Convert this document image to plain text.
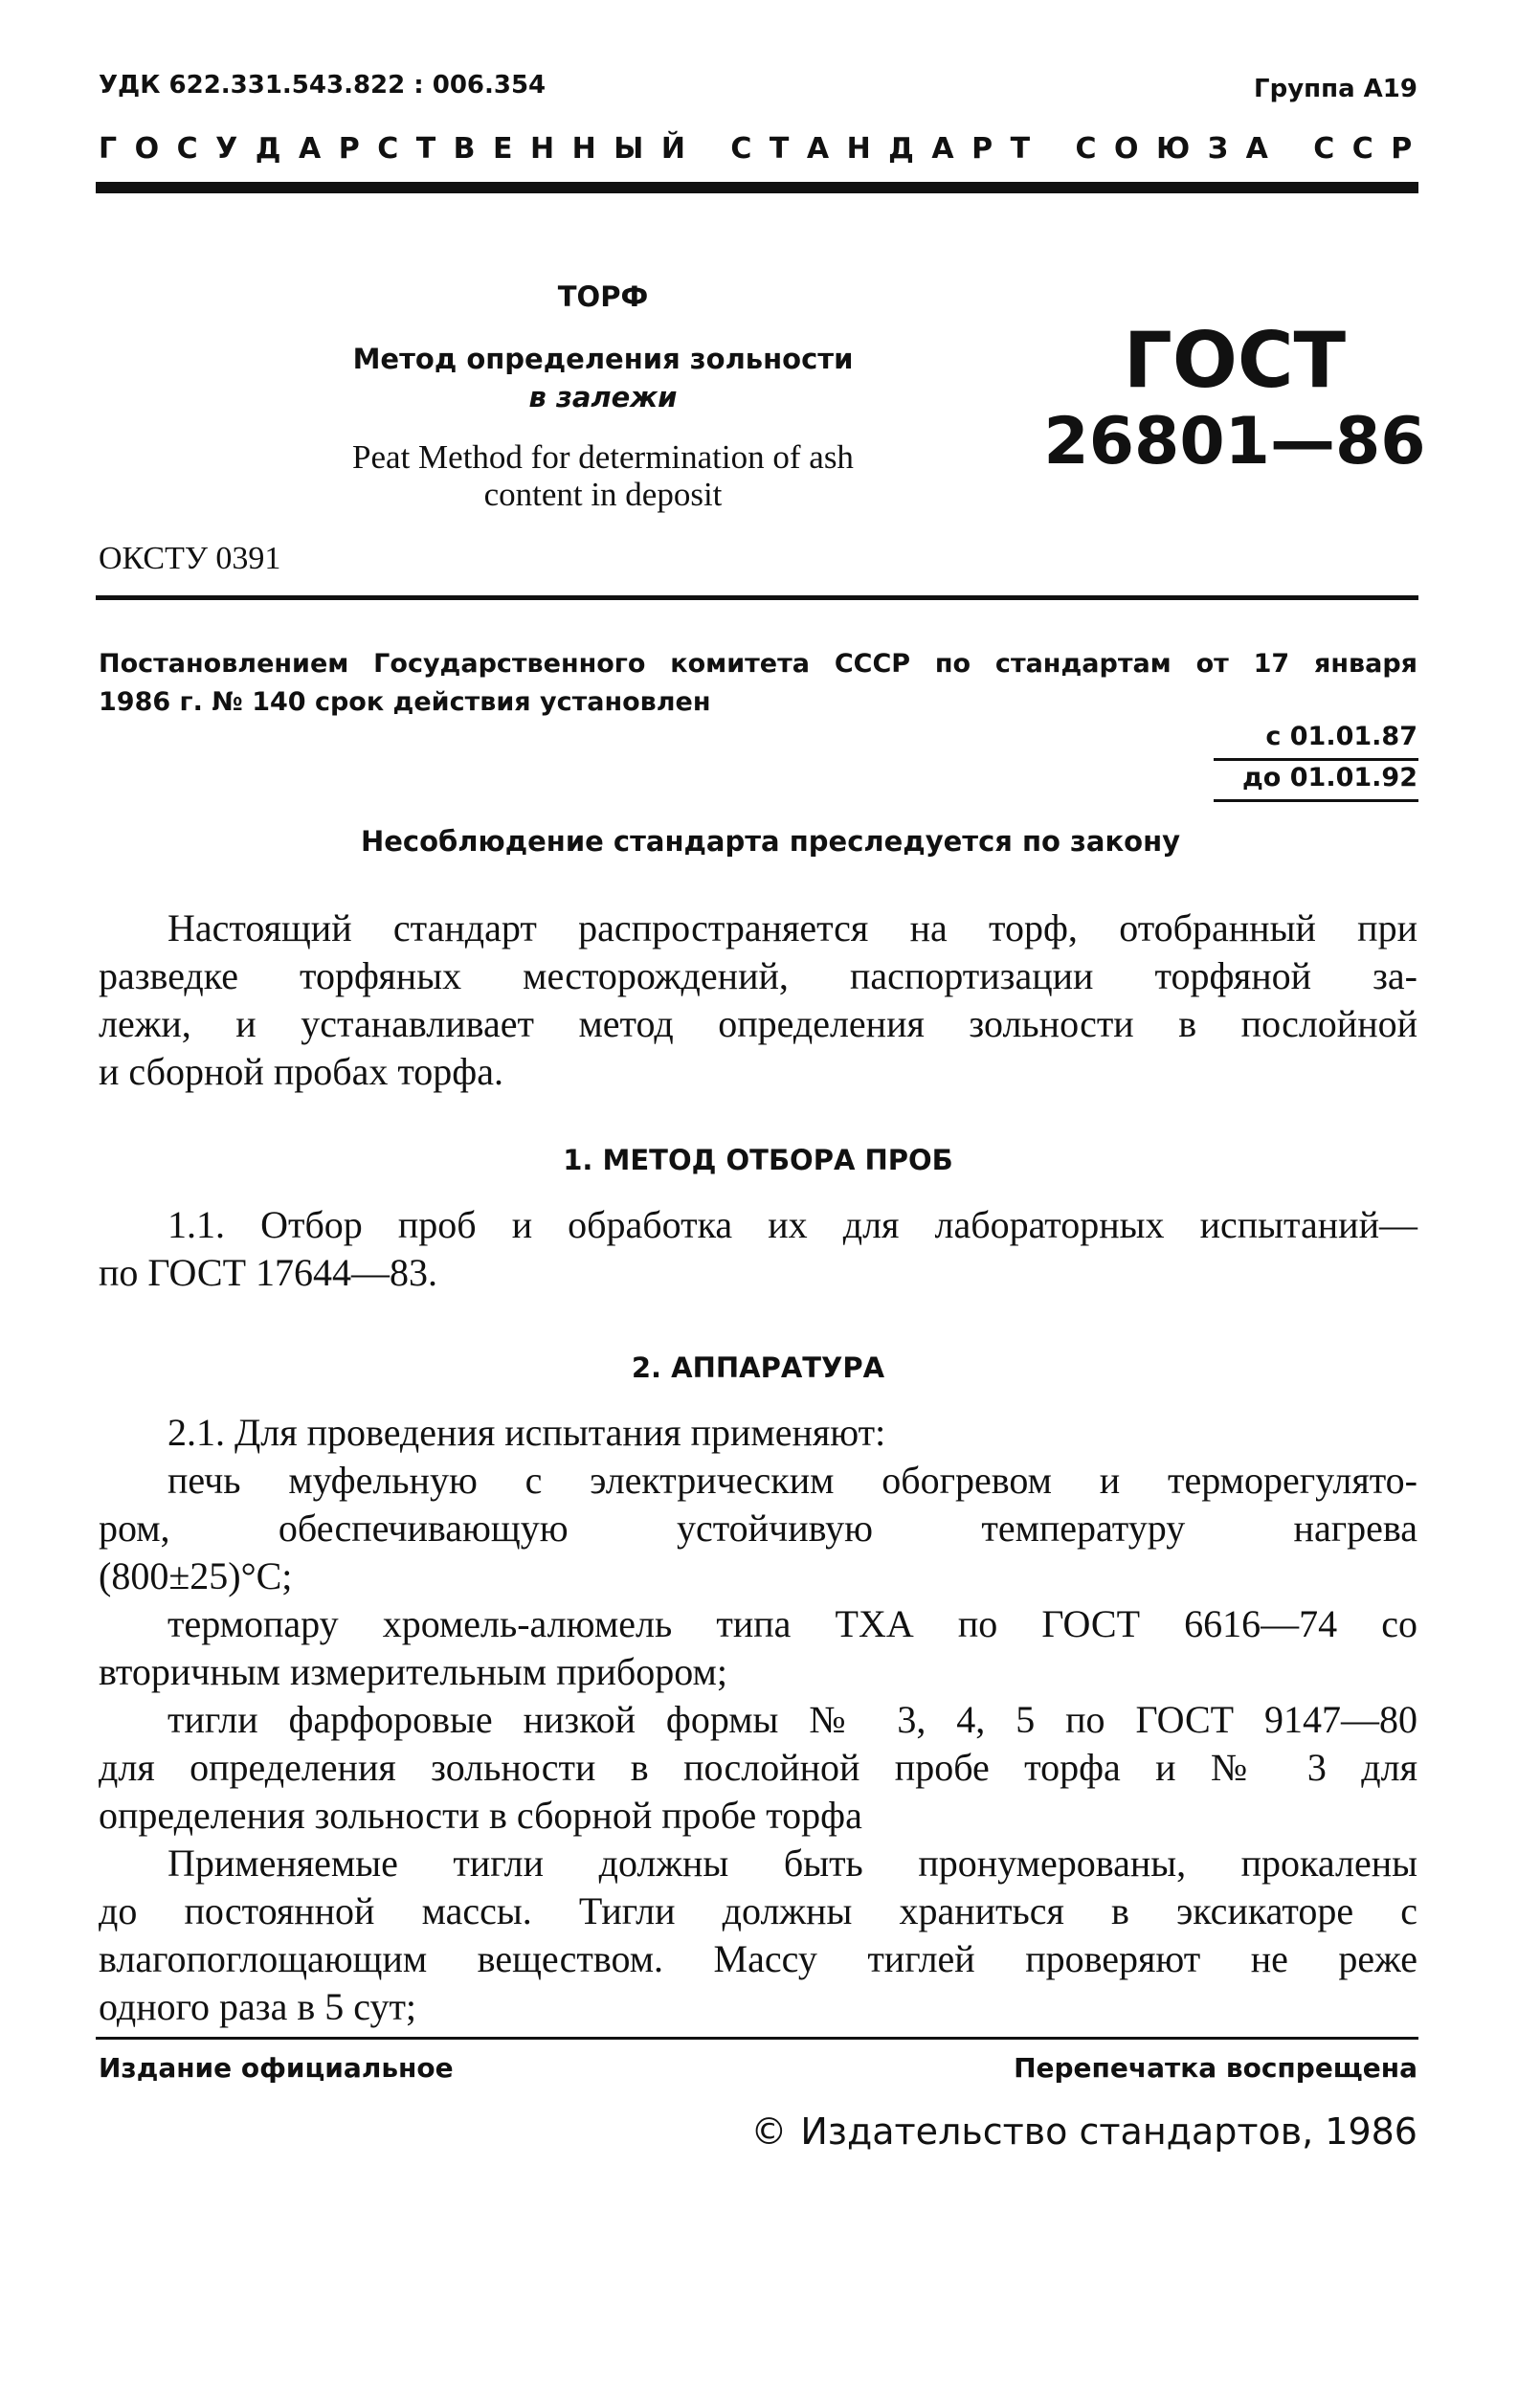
УДК 622.331.543.822 : 006.354	Группа А19
ГОСУДАРСТВЕННЫЙ СТАНДАРТ СОЮЗА ССР
ТОРФ
Метод определения зольности
в залежи
Peat Method for determination of ash
content in deposit
ГОСТ
26801—86
ОКСТУ 0391
Постановлением Государственного комитета СССР по стандартам от 17 января
1986 г. № 140 срок действия установлен
с 01.01.87
до 01.01.92
Несоблюдение стандарта преследуется по закону
Настоящий стандарт распространяется на торф, отобранный при
разведке торфяных месторождений, паспортизации торфяной за-
лежи, и устанавливает метод определения зольности в послойной
и сборной пробах торфа.
1. МЕТОД ОТБОРА ПРОБ
1.1. Отбор проб и обработка их для лабораторных испытаний—
по ГОСТ 17644—83.
2. АППАРАТУРА
2.1. Для проведения испытания применяют:
печь муфельную с электрическим обогревом и терморегулято-
ром, обеспечивающую устойчивую температуру нагрева
(800±25)°С;
термопару хромель-алюмель типа ТХА по ГОСТ 6616—74 со
вторичным измерительным прибором;
тигли фарфоровые низкой формы № 3, 4, 5 по ГОСТ 9147—80
для определения зольности в послойной пробе торфа и № 3 для
определения зольности в сборной пробе торфа
Применяемые тигли должны быть пронумерованы, прокалены
до постоянной массы. Тигли должны храниться в эксикаторе с
влагопоглощающим веществом. Массу тиглей проверяют не реже
одного раза в 5 сут;
Издание официальное	Перепечатка воспрещена
© Издательство стандартов, 1986
